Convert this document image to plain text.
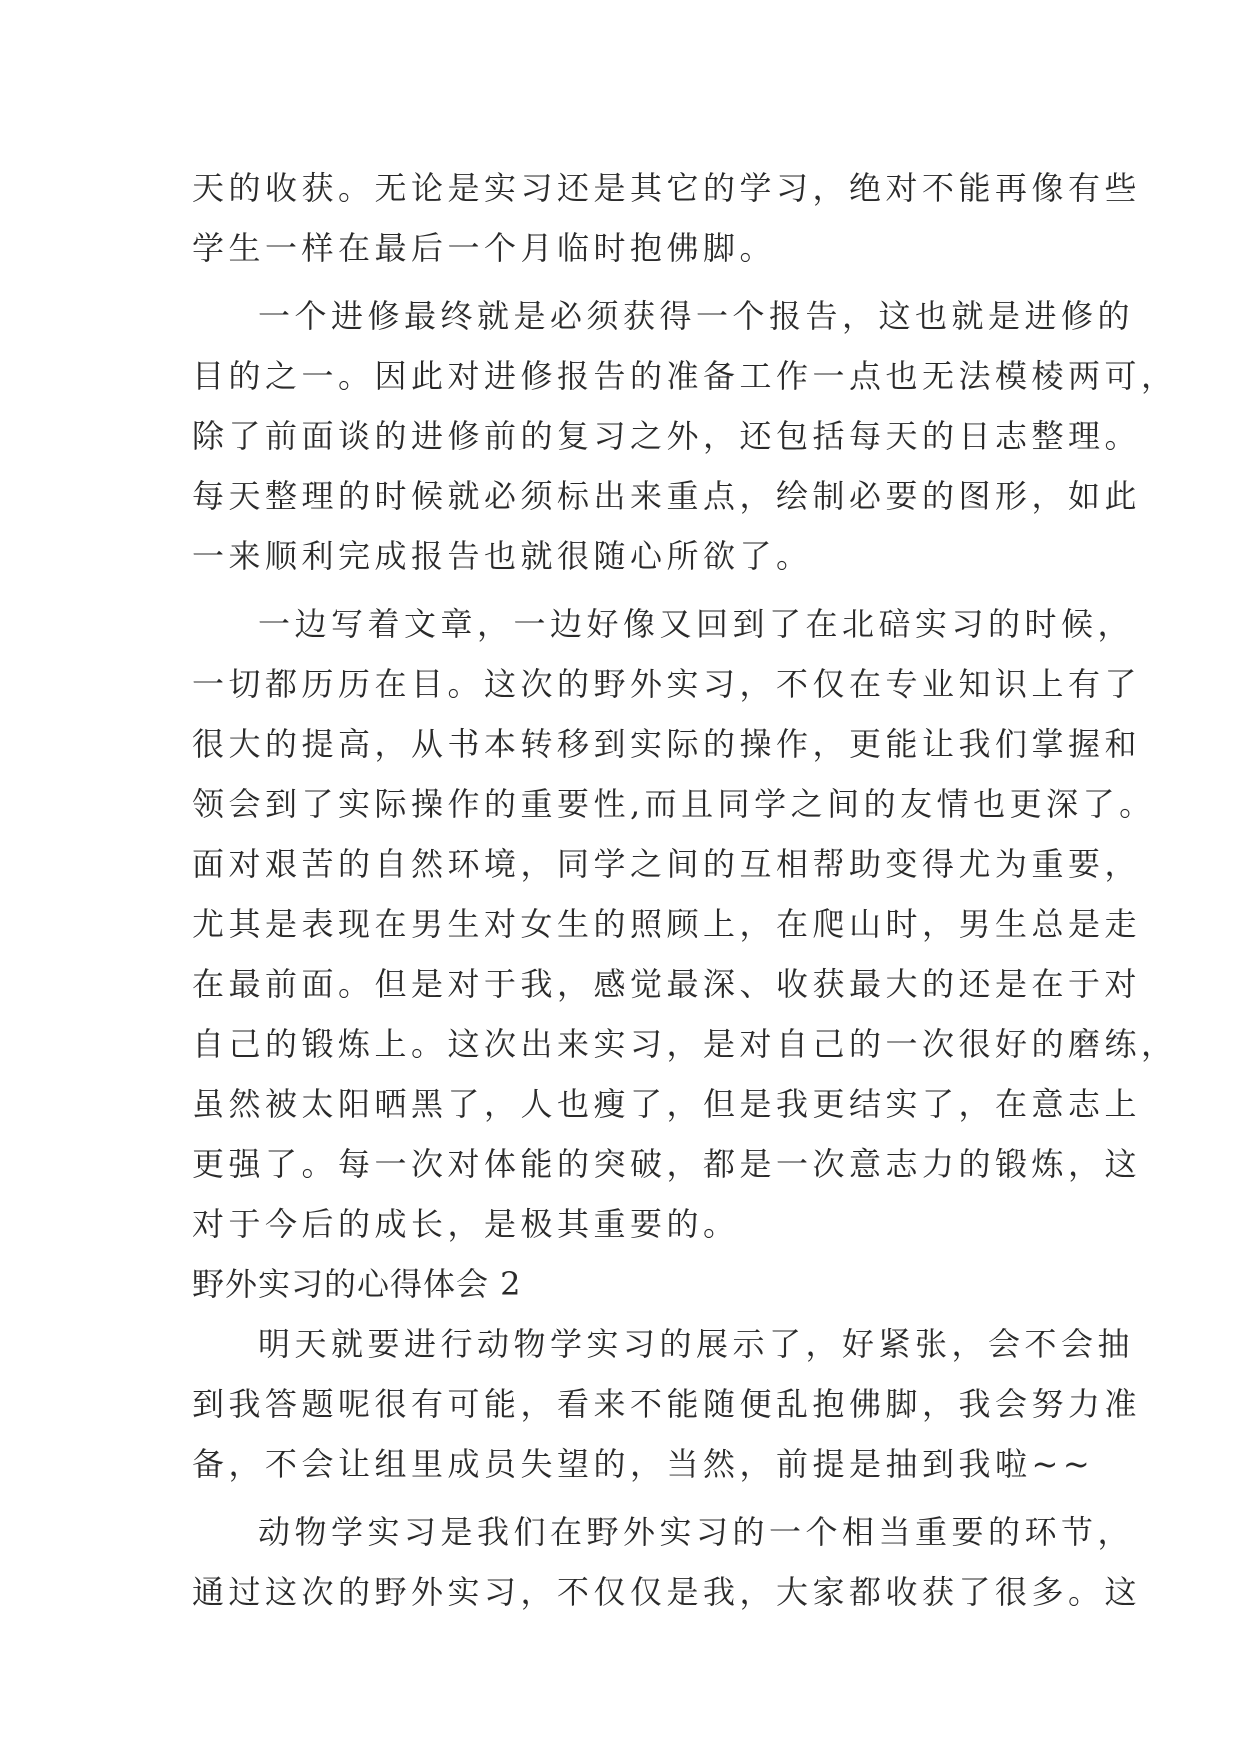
天的收获。无论是实习还是其它的学习，绝对不能再像有些
学生一样在最后一个月临时抱佛脚。
一个进修最终就是必须获得一个报告，这也就是进修的
目的之一。因此对进修报告的准备工作一点也无法模棱两可，
除了前面谈的进修前的复习之外，还包括每天的日志整理。
每天整理的时候就必须标出来重点，绘制必要的图形，如此
一来顺利完成报告也就很随心所欲了。
一边写着文章，一边好像又回到了在北碚实习的时候，
一切都历历在目。这次的野外实习，不仅在专业知识上有了
很大的提高，从书本转移到实际的操作，更能让我们掌握和
领会到了实际操作的重要性,而且同学之间的友情也更深了。
面对艰苦的自然环境，同学之间的互相帮助变得尤为重要，
尤其是表现在男生对女生的照顾上，在爬山时，男生总是走
在最前面。但是对于我，感觉最深、收获最大的还是在于对
自己的锻炼上。这次出来实习，是对自己的一次很好的磨练，
虽然被太阳晒黑了，人也瘦了，但是我更结实了，在意志上
更强了。每一次对体能的突破，都是一次意志力的锻炼，这
对于今后的成长，是极其重要的。
野外实习的心得体会 2
明天就要进行动物学实习的展示了，好紧张，会不会抽
到我答题呢很有可能，看来不能随便乱抱佛脚，我会努力准
备，不会让组里成员失望的，当然，前提是抽到我啦~~
动物学实习是我们在野外实习的一个相当重要的环节，
通过这次的野外实习，不仅仅是我，大家都收获了很多。这
